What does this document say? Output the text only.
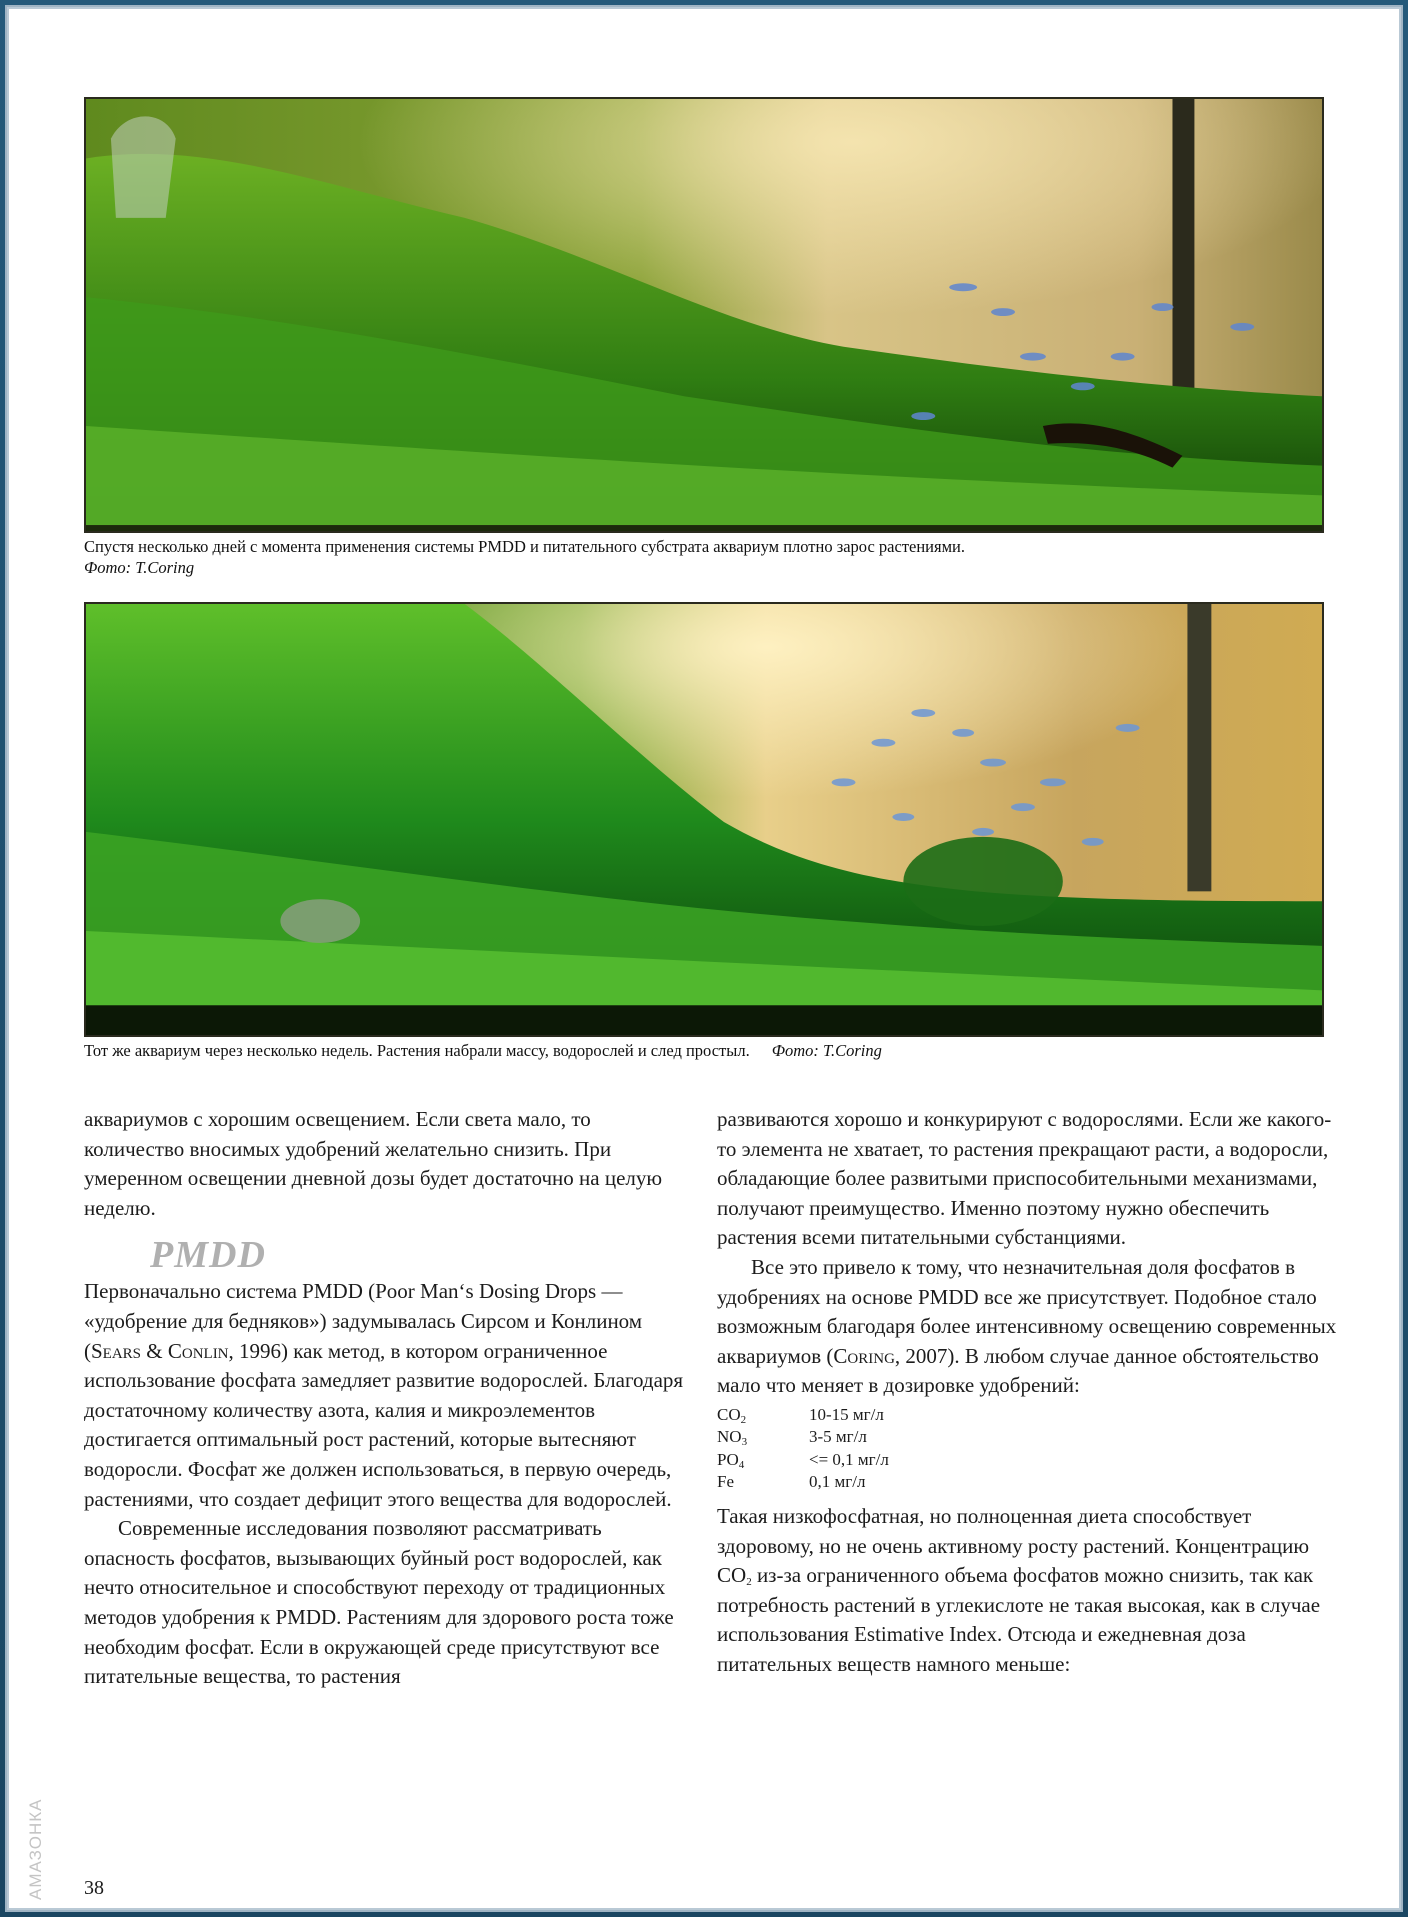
Спустя несколько дней с момента применения системы PMDD и питательного субстрата аквариум плотно зарос растениями.
Фото: T.Coring
Тот же аквариум через несколько недель. Растения набрали массу, водорослей и след простыл. Фото: T.Coring

аквариумов с хорошим освещением. Если света мало, то количество вносимых удобрений желательно снизить. При умеренном освещении дневной дозы будет достаточно на целую неделю.

PMDD

Первоначально система PMDD (Poor Man‘s Dosing Drops — «удобрение для бедняков») задумывалась Сирсом и Конлином (Sears & Conlin, 1996) как метод, в котором ограниченное использование фосфата замедляет развитие водорослей. Благодаря достаточному количеству азота, калия и микроэлементов достигается оптимальный рост растений, которые вытесняют водоросли. Фосфат же должен использоваться, в первую очередь, растениями, что создает дефицит этого вещества для водорослей.

Современные исследования позволяют рассматривать опасность фосфатов, вызывающих буйный рост водорослей, как нечто относительное и способствуют переходу от традиционных методов удобрения к PMDD. Растениям для здорового роста тоже необходим фосфат. Если в окружающей среде присутствуют все питательные вещества, то растения

развиваются хорошо и конкурируют с водорослями. Если же какого-то элемента не хватает, то растения прекращают расти, а водоросли, обладающие более развитыми приспособительными механизмами, получают преимущество. Именно поэтому нужно обеспечить растения всеми питательными субстанциями.

Все это привело к тому, что незначительная доля фосфатов в удобрениях на основе PMDD все же присутствует. Подобное стало возможным благодаря более интенсивному освещению современных аквариумов (Coring, 2007). В любом случае данное обстоятельство мало что меняет в дозировке удобрений:

$CO_2$	10-15 мг/л
$NO_3$	3-5 мг/л
$PO_4$	<= 0,1 мг/л
Fe	0,1 мг/л

Такая низкофосфатная, но полноценная диета способствует здоровому, но не очень активному росту растений. Концентрацию $CO_2$ из-за ограниченного объема фосфатов можно снизить, так как потребность растений в углекислоте не такая высокая, как в случае использования Estimative Index. Отсюда и ежедневная доза питательных веществ намного меньше:

38
АМАЗОНКА
